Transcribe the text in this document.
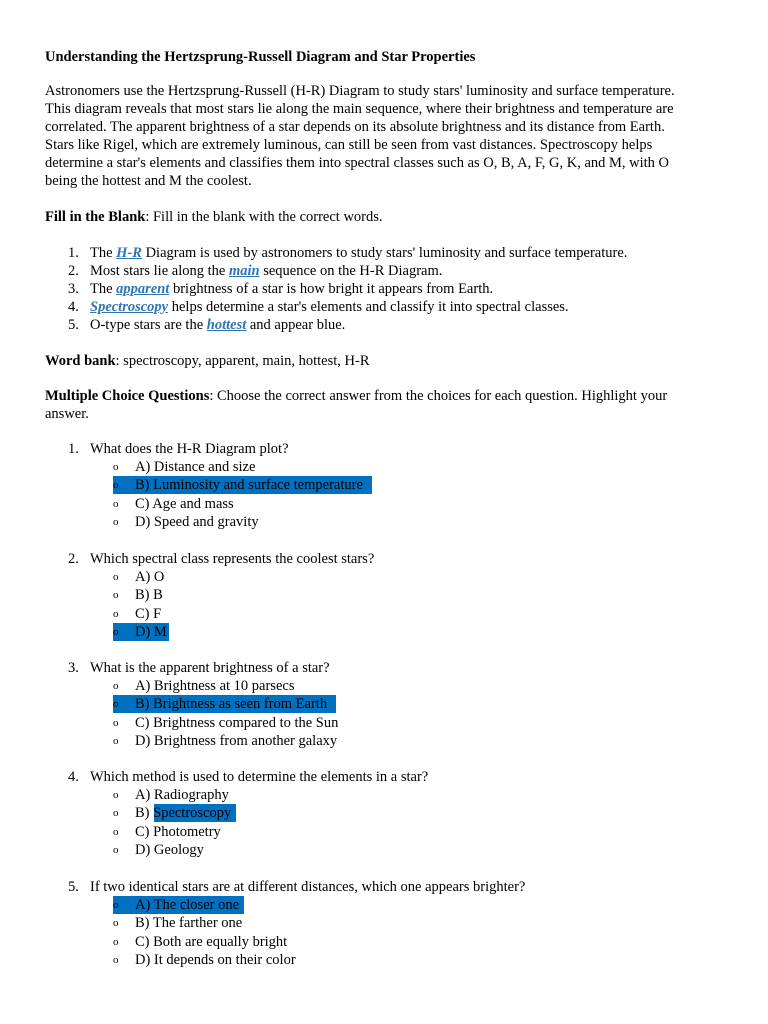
Understanding the Hertzsprung-Russell Diagram and Star Properties
Astronomers use the Hertzsprung-Russell (H-R) Diagram to study stars' luminosity and surface temperature.
This diagram reveals that most stars lie along the main sequence, where their brightness and temperature are
correlated. The apparent brightness of a star depends on its absolute brightness and its distance from Earth.
Stars like Rigel, which are extremely luminous, can still be seen from vast distances. Spectroscopy helps
determine a star's elements and classifies them into spectral classes such as O, B, A, F, G, K, and M, with O
being the hottest and M the coolest.
Fill in the Blank: Fill in the blank with the correct words.
1. The H-R Diagram is used by astronomers to study stars' luminosity and surface temperature.
2. Most stars lie along the main sequence on the H-R Diagram.
3. The apparent brightness of a star is how bright it appears from Earth.
4. Spectroscopy helps determine a star's elements and classify it into spectral classes.
5. O-type stars are the hottest and appear blue.
Word bank: spectroscopy, apparent, main, hottest, H-R
Multiple Choice Questions: Choose the correct answer from the choices for each question. Highlight your
answer.
1. What does the H-R Diagram plot?
o A) Distance and size
o B) Luminosity and surface temperature
o C) Age and mass
o D) Speed and gravity
2. Which spectral class represents the coolest stars?
o A) O
o B) B
o C) F
o D) M
3. What is the apparent brightness of a star?
o A) Brightness at 10 parsecs
o B) Brightness as seen from Earth
o C) Brightness compared to the Sun
o D) Brightness from another galaxy
4. Which method is used to determine the elements in a star?
o A) Radiography
o B) Spectroscopy
o C) Photometry
o D) Geology
5. If two identical stars are at different distances, which one appears brighter?
o A) The closer one
o B) The farther one
o C) Both are equally bright
o D) It depends on their color
